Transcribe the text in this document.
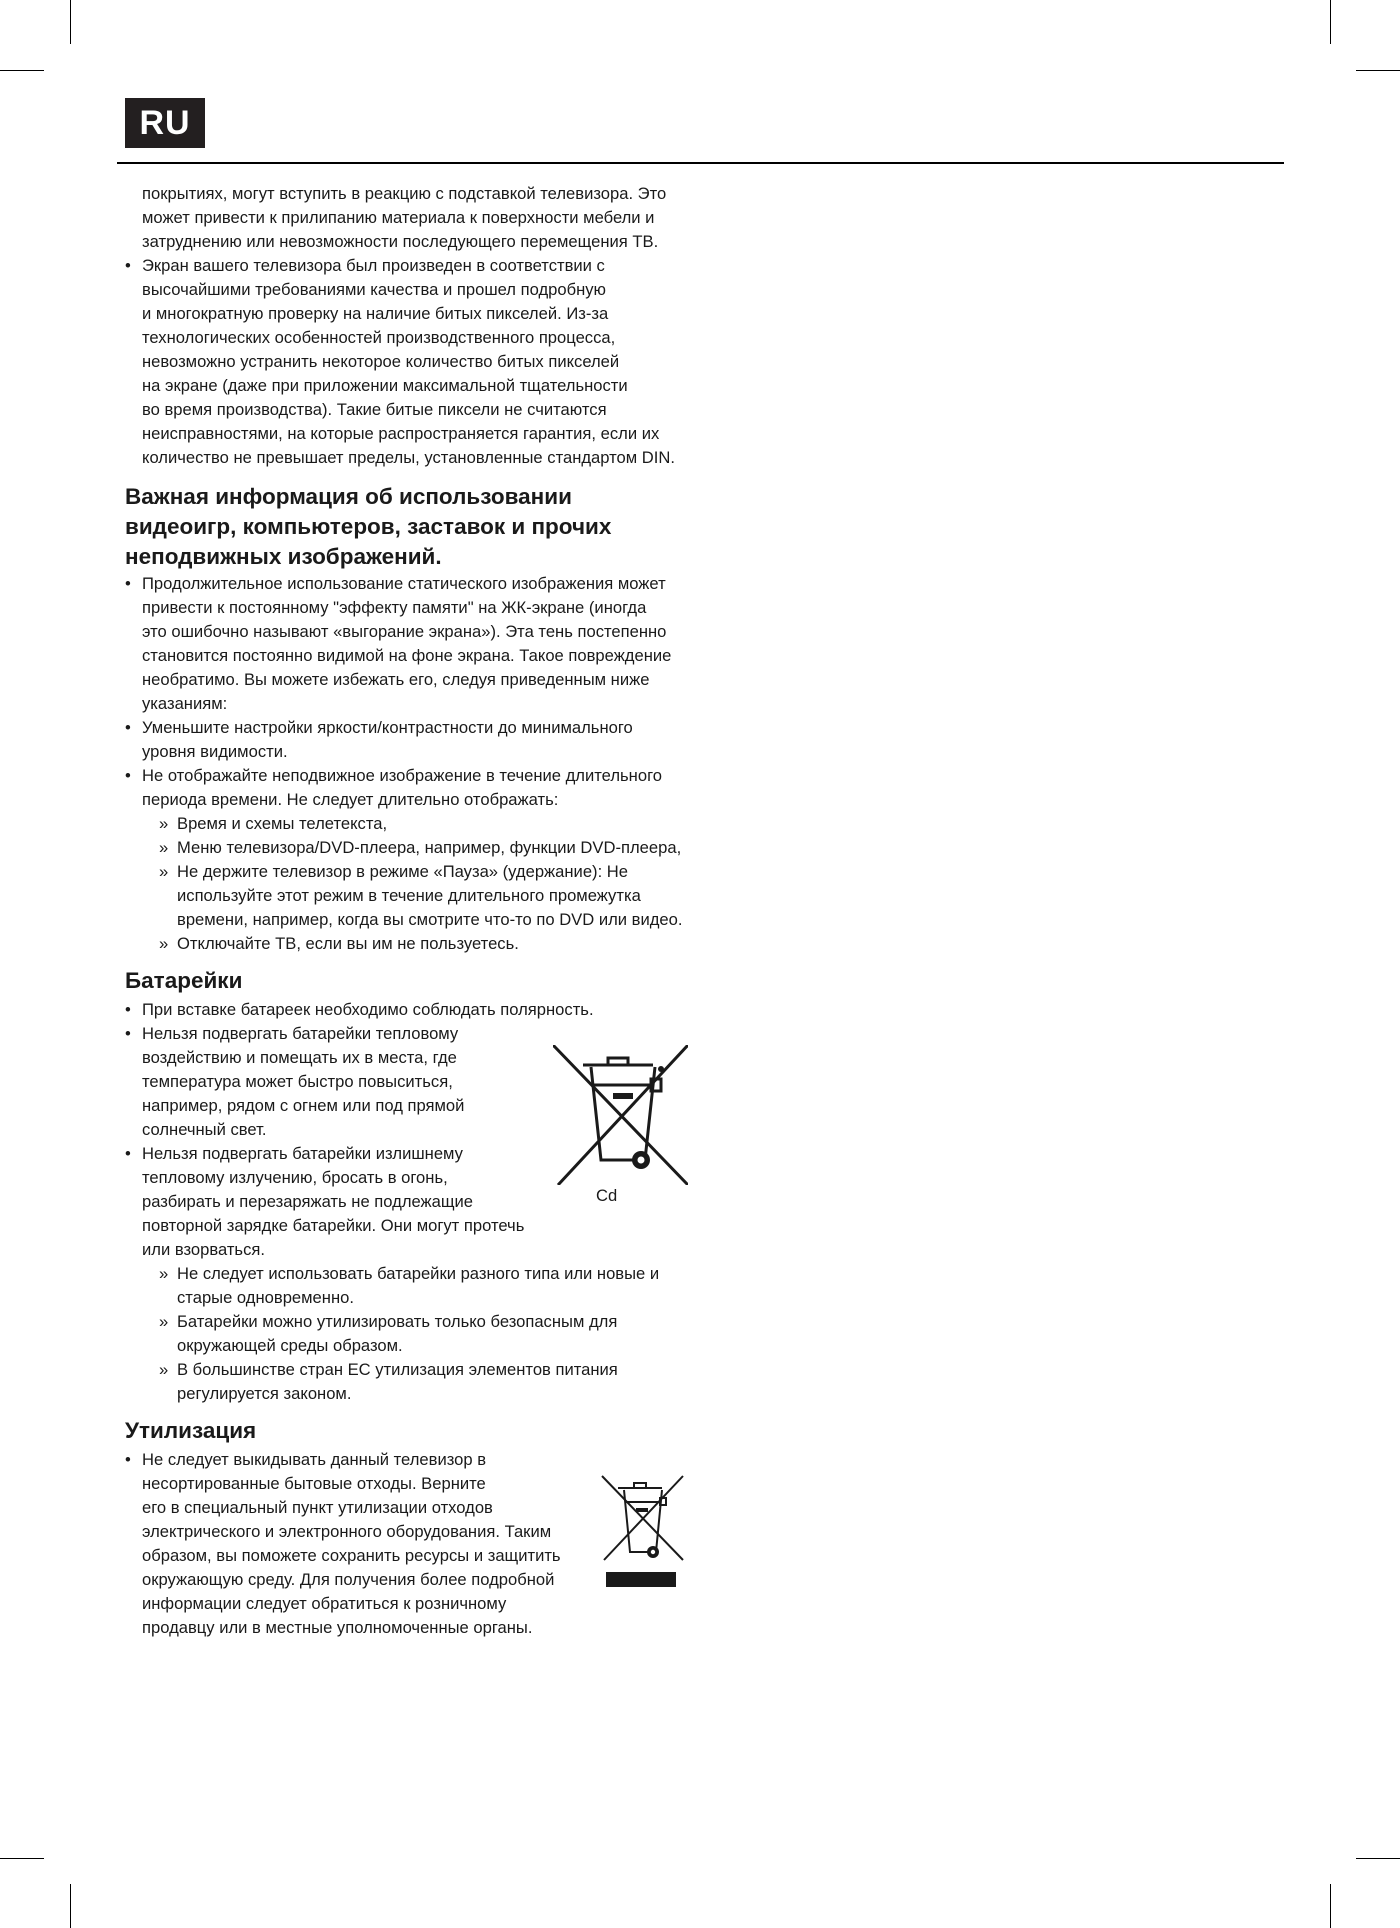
RU
покрытиях, могут вступить в реакцию с подставкой телевизора. Это
может привести к прилипанию материала к поверхности мебели и
затруднению или невозможности последующего перемещения ТВ.
• Экран вашего телевизора был произведен в соответствии с
высочайшими требованиями качества и прошел подробную
и многократную проверку на наличие битых пикселей. Из-за
технологических особенностей производственного процесса,
невозможно устранить некоторое количество битых пикселей
на экране (даже при приложении максимальной тщательности
во время производства). Такие битые пиксели не считаются
неисправностями, на которые распространяется гарантия, если их
количество не превышает пределы, установленные стандартом DIN.
Важная информация об использовании
видеоигр, компьютеров, заставок и прочих
неподвижных изображений.
• Продолжительное использование статического изображения может
привести к постоянному "эффекту памяти" на ЖК-экране (иногда
это ошибочно называют «выгорание экрана»). Эта тень постепенно
становится постоянно видимой на фоне экрана. Такое повреждение
необратимо. Вы можете избежать его, следуя приведенным ниже
указаниям:
• Уменьшите настройки яркости/контрастности до минимального
уровня видимости.
• Не отображайте неподвижное изображение в течение длительного
периода времени. Не следует длительно отображать:
» Время и схемы телетекста,
» Меню телевизора/DVD-плеера, например, функции DVD-плеера,
» Не держите телевизор в режиме «Пауза» (удержание): Не
используйте этот режим в течение длительного промежутка
времени, например, когда вы смотрите что-то по DVD или видео.
» Отключайте ТВ, если вы им не пользуетесь.
Батарейки
• При вставке батареек необходимо соблюдать полярность.
• Нельзя подвергать батарейки тепловому
воздействию и помещать их в места, где
температура может быстро повыситься,
например, рядом с огнем или под прямой
солнечный свет.
• Нельзя подвергать батарейки излишнему
тепловому излучению, бросать в огонь,
разбирать и перезаряжать не подлежащие
повторной зарядке батарейки. Они могут протечь
или взорваться.
» Не следует использовать батарейки разного типа или новые и
старые одновременно.
» Батарейки можно утилизировать только безопасным для
окружающей среды образом.
» В большинстве стран ЕС утилизация элементов питания
регулируется законом.
Утилизация
• Не следует выкидывать данный телевизор в
несортированные бытовые отходы. Верните
его в специальный пункт утилизации отходов
электрического и электронного оборудования. Таким
образом, вы поможете сохранить ресурсы и защитить
окружающую среду. Для получения более подробной
информации следует обратиться к розничному
продавцу или в местные уполномоченные органы.
Cd
